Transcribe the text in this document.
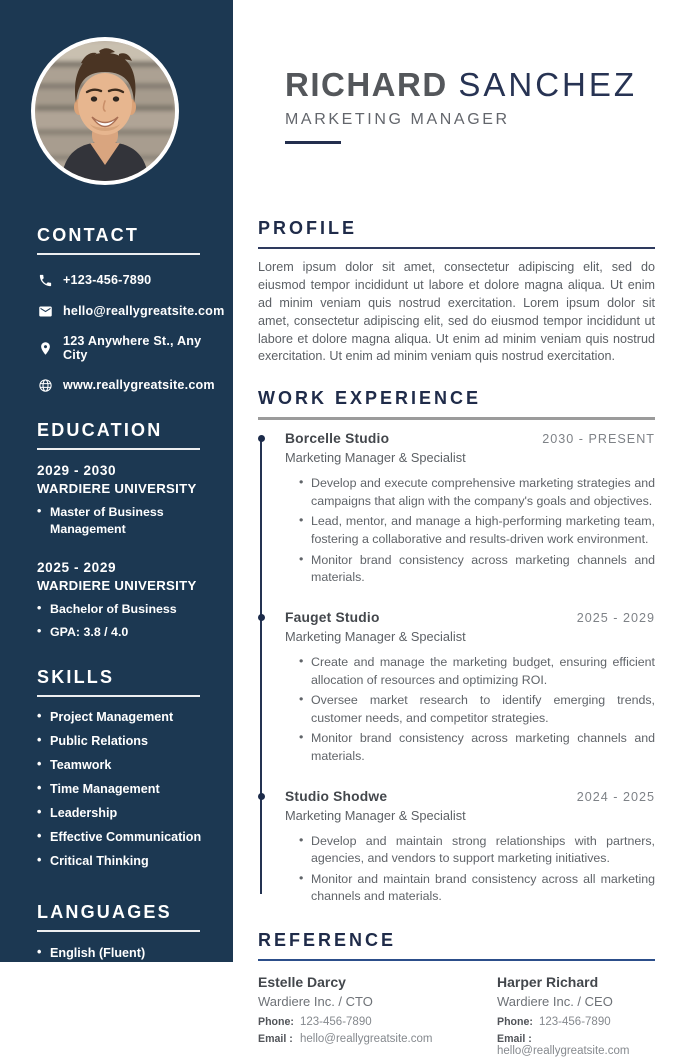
CONTACT
+123-456-7890
hello@reallygreatsite.com
123 Anywhere St., Any City
www.reallygreatsite.com
EDUCATION
2029 - 2030
WARDIERE UNIVERSITY
• Master of Business Management
2025 - 2029
WARDIERE UNIVERSITY
• Bachelor of Business
• GPA: 3.8 / 4.0
SKILLS
• Project Management
• Public Relations
• Teamwork
• Time Management
• Leadership
• Effective Communication
• Critical Thinking
LANGUAGES
• English (Fluent)
• French (Fluent)
• German (Basics)
• Spanish (Intermediate)
RICHARD SANCHEZ
MARKETING MANAGER
PROFILE

Lorem ipsum dolor sit amet, consectetur adipiscing elit, sed do eiusmod tempor incididunt ut labore et dolore magna aliqua. Ut enim ad minim veniam quis nostrud exercitation. Lorem ipsum dolor sit amet, consectetur adipiscing elit, sed do eiusmod tempor incididunt ut labore et dolore magna aliqua. Ut enim ad minim veniam quis nostrud exercitation. Ut enim ad minim veniam quis nostrud exercitation.

WORK EXPERIENCE
Borcelle Studio	2030 - PRESENT
Marketing Manager & Specialist
• Develop and execute comprehensive marketing strategies and campaigns that align with the company's goals and objectives.
• Lead, mentor, and manage a high-performing marketing team, fostering a collaborative and results-driven work environment.
• Monitor brand consistency across marketing channels and materials.
Fauget Studio	2025 - 2029
Marketing Manager & Specialist
• Create and manage the marketing budget, ensuring efficient allocation of resources and optimizing ROI.
• Oversee market research to identify emerging trends, customer needs, and competitor strategies.
• Monitor brand consistency across marketing channels and materials.
Studio Shodwe	2024 - 2025
Marketing Manager & Specialist
• Develop and maintain strong relationships with partners, agencies, and vendors to support marketing initiatives.
• Monitor and maintain brand consistency across all marketing channels and materials.
REFERENCE
Estelle Darcy
Wardiere Inc. / CTO
Phone: 123-456-7890
Email : hello@reallygreatsite.com
Harper Richard
Wardiere Inc. / CEO
Phone: 123-456-7890
Email :hello@reallygreatsite.com
